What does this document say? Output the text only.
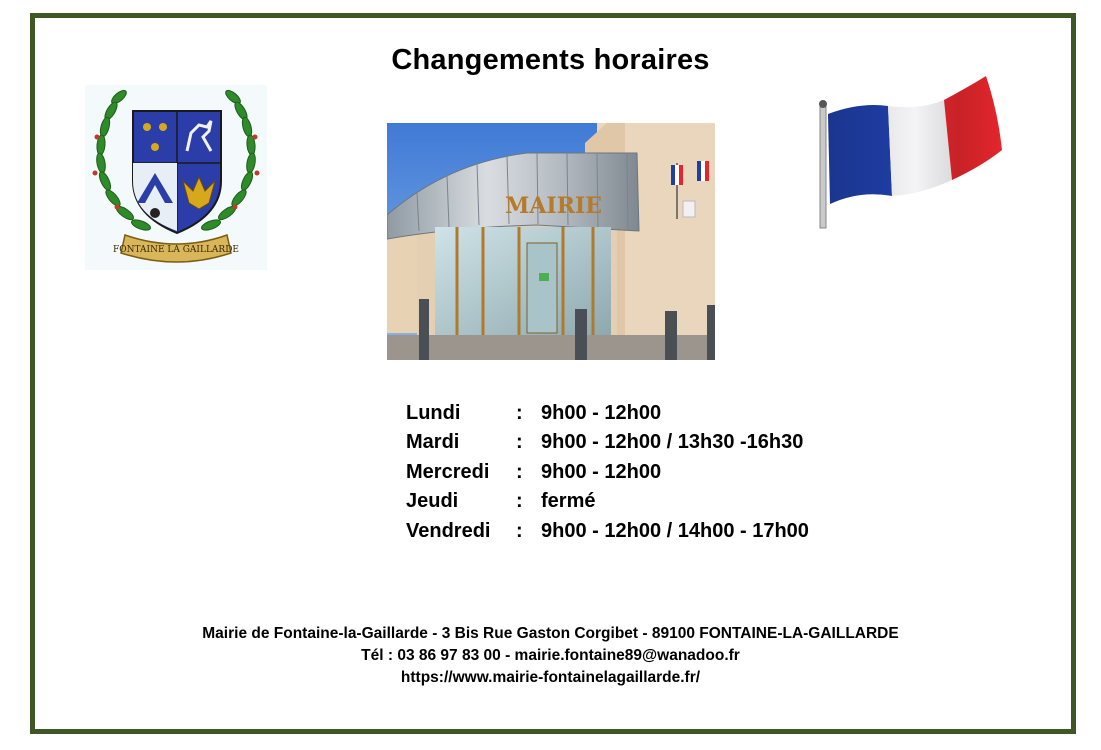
Changements horaires
FONTAINE LA GAILLARDE
MAIRIE
Lundi	: 9h00 - 12h00
Mardi	: 9h00 - 12h00 / 13h30 -16h30
Mercredi : 9h00 - 12h00
Jeudi	: fermé
Vendredi : 9h00 - 12h00 / 14h00 - 17h00
Mairie de Fontaine-la-Gaillarde - 3 Bis Rue Gaston Corgibet - 89100 FONTAINE-LA-GAILLARDE
Tél : 03 86 97 83 00 - mairie.fontaine89@wanadoo.fr
https://www.mairie-fontainelagaillarde.fr/
